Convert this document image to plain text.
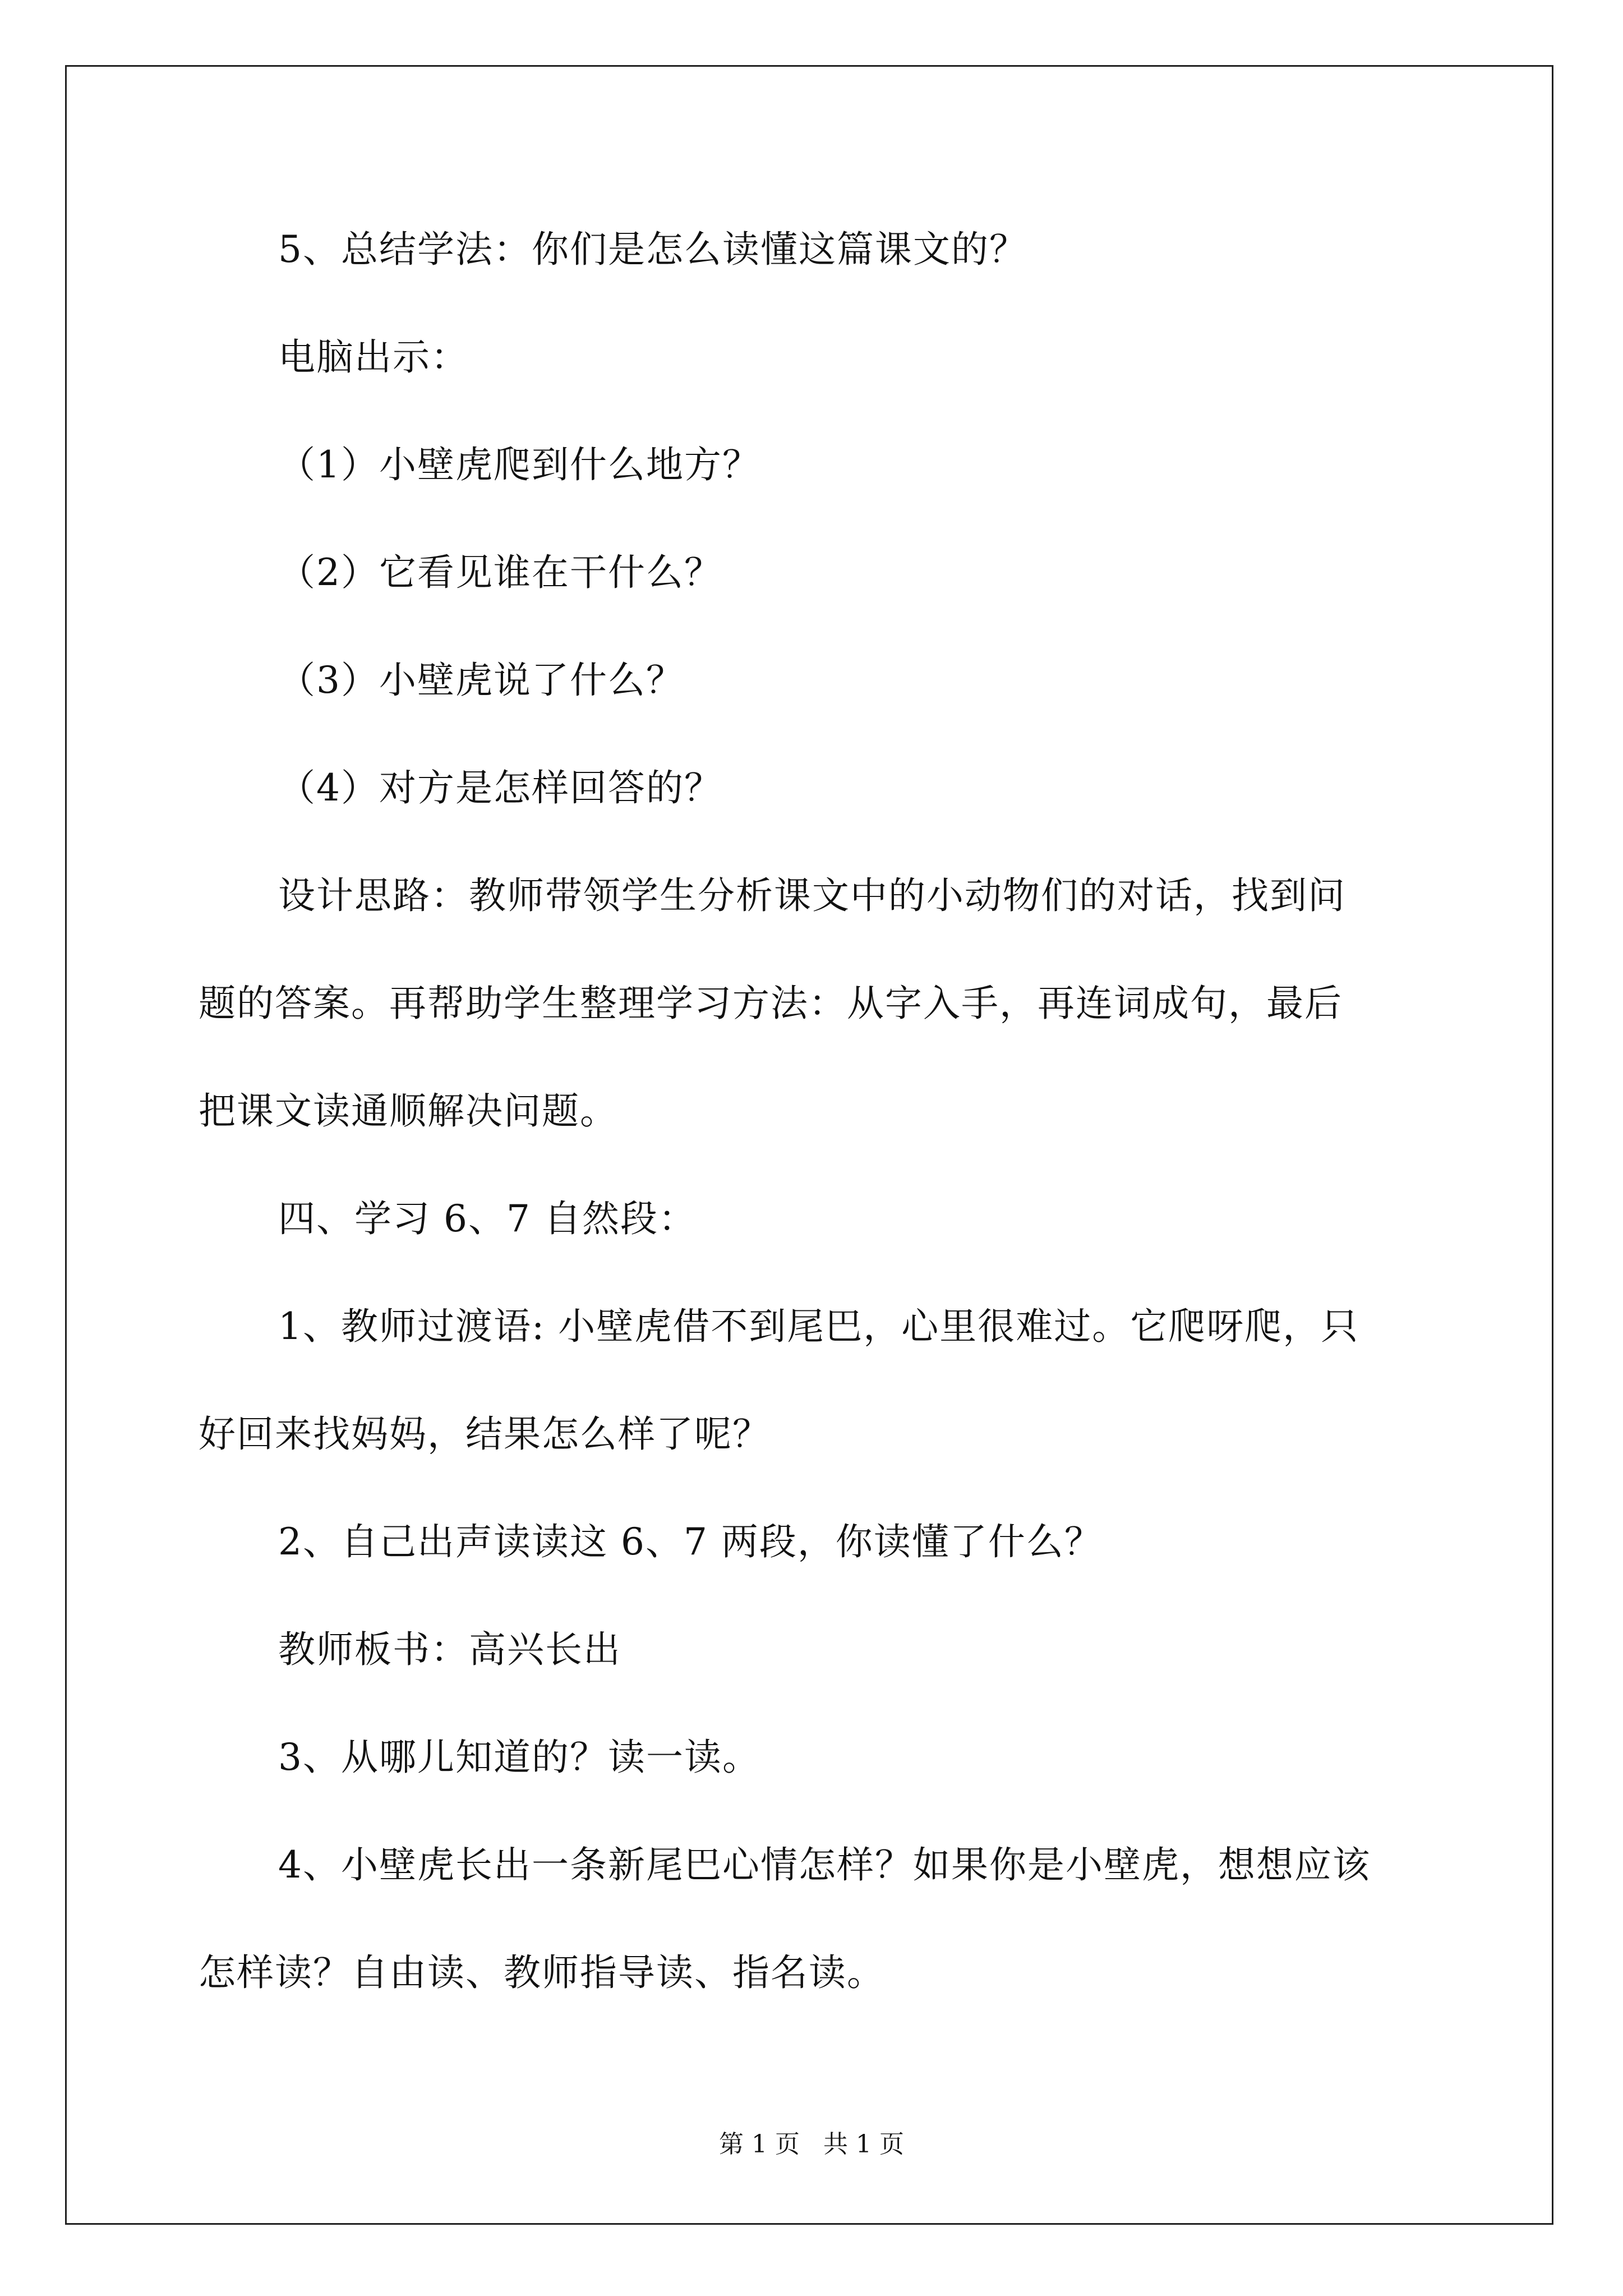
5、总结学法：你们是怎么读懂这篇课文的？
电脑出示：
（1）小壁虎爬到什么地方？
（2）它看见谁在干什么？
（3）小壁虎说了什么？
（4）对方是怎样回答的？
设计思路：教师带领学生分析课文中的小动物们的对话，找到问
题的答案。再帮助学生整理学习方法：从字入手，再连词成句，最后
把课文读通顺解决问题。
四、学习 6、7 自然段：
1、教师过渡语: 小壁虎借不到尾巴，心里很难过。它爬呀爬，只
好回来找妈妈，结果怎么样了呢？
2、自己出声读读这 6、7 两段，你读懂了什么？
教师板书：高兴长出
3、从哪儿知道的？读一读。
4、小壁虎长出一条新尾巴心情怎样？如果你是小壁虎，想想应该
怎样读？自由读、教师指导读、指名读。
第 1 页 共 1 页
